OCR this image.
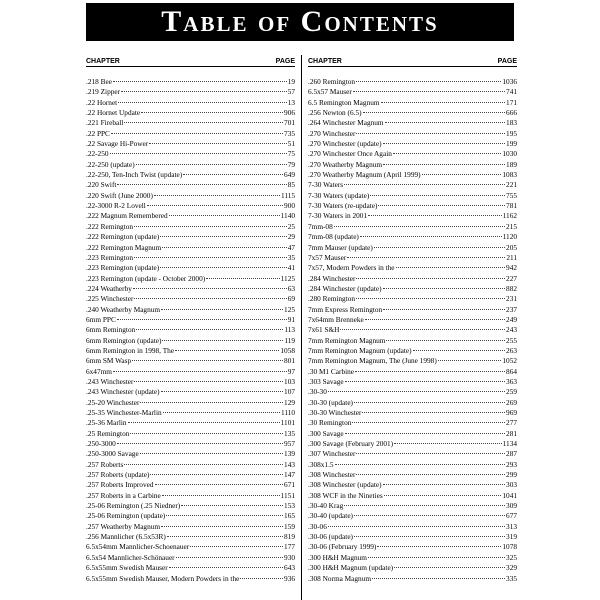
Table of Contents
CHAPTER	PAGE
.218 Bee	19
.219 Zipper	57
.22 Hornet	13
.22 Hornet Update	906
.221 Fireball	701
.22 PPC	735
.22 Savage Hi-Power	51
.22-250	75
.22-250 (update)	79
.22-250, Ten-Inch Twist (update)	649
.220 Swift	85
.220 Swift (June 2000)	1115
.22-3000 R-2 Lovell	900
.222 Magnum Remembered	1140
.222 Remington	25
.222 Remington (update)	29
.222 Remington Magnum	47
.223 Remington	35
.223 Remington (update)	41
.223 Remington (update - October 2000)	1125
.224 Weatherby	63
.225 Winchester	69
.240 Weatherby Magnum	125
6mm PPC	91
6mm Remington	113
6mm Remington (update)	119
6mm Remington in 1998, The	1058
6mm SM Wasp	801
6x47mm	97
.243 Winchester	103
.243 Winchester (update)	107
.25-20 Winchester	129
.25-35 Winchester-Marlin	1110
.25-36 Marlin	1101
.25 Remington	135
.250-3000	957
.250-3000 Savage	139
.257 Roberts	143
.257 Roberts (update)	147
.257 Roberts Improved	671
.257 Roberts in a Carbine	1151
.25-06 Remington (.25 Niedner)	153
.25-06 Remington (update)	165
.257 Weatherby Magnum	159
.256 Mannlicher (6.5x53R)	819
6.5x54mm Mannlicher-Schoenauer	177
6.5x54 Mannlicher-Schönauer	930
6.5x55mm Swedish Mauser	643
6.5x55mm Swedish Mauser, Modern Powders in the	936
CHAPTER	PAGE
.260 Remington	1036
6.5x57 Mauser	741
6.5 Remington Magnum	171
.256 Newton (6.5)	666
.264 Winchester Magnum	183
.270 Winchester	195
.270 Winchester (update)	199
.270 Winchester Once Again	1030
.270 Weatherby Magnum	189
.270 Weatherby Magnum (April 1999)	1083
7-30 Waters	221
7-30 Waters (update)	755
7-30 Waters (re-update)	781
7-30 Waters in 2001	1162
7mm-08	215
7mm-08 (update)	1120
7mm Mauser (update)	205
7x57 Mauser	211
7x57, Modern Powders in the	942
.284 Winchester	227
.284 Winchester (update)	882
.280 Remington	231
7mm Express Remington	237
7x64mm Brenneke	249
7x61 S&H	243
7mm Remington Magnum	255
7mm Remington Magnum (update)	263
7mm Remington Magnum, The (June 1998)	1052
.30 M1 Carbine	864
.303 Savage	363
.30-30	259
.30-30 (update)	269
.30-30 Winchester	969
.30 Remington	277
.300 Savage	281
.300 Savage (February 2001)	1134
.307 Winchester	287
.308x1.5	293
.308 Winchester	299
.308 Winchester (update)	303
.308 WCF in the Nineties	1041
.30-40 Krag	309
.30-40 (update)	677
.30-06	313
.30-06 (update)	319
.30-06 (February 1999)	1078
.300 H&H Magnum	325
.300 H&H Magnum (update)	329
.308 Norma Magnum	335
